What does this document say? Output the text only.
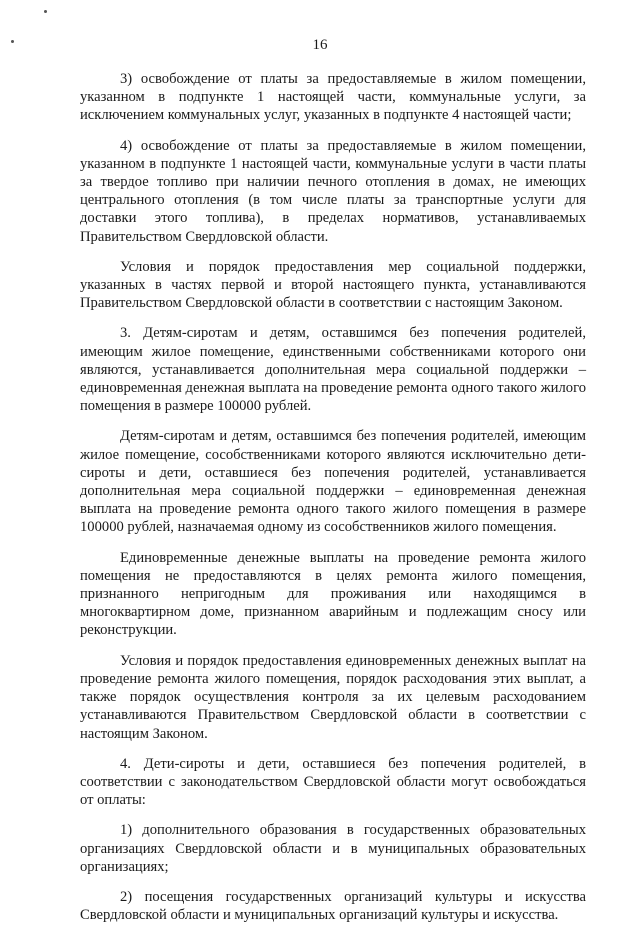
16

3) освобождение от платы за предоставляемые в жилом помещении, указанном в подпункте 1 настоящей части, коммунальные услуги, за исключением коммунальных услуг, указанных в подпункте 4 настоящей части;

4) освобождение от платы за предоставляемые в жилом помещении, указанном в подпункте 1 настоящей части, коммунальные услуги в части платы за твердое топливо при наличии печного отопления в домах, не имеющих центрального отопления (в том числе платы за транспортные услуги для доставки этого топлива), в пределах нормативов, устанавливаемых Правительством Свердловской области.

Условия и порядок предоставления мер социальной поддержки, указанных в частях первой и второй настоящего пункта, устанавливаются Правительством Свердловской области в соответствии с настоящим Законом.

3. Детям-сиротам и детям, оставшимся без попечения родителей, имеющим жилое помещение, единственными собственниками которого они являются, устанавливается дополнительная мера социальной поддержки – единовременная денежная выплата на проведение ремонта одного такого жилого помещения в размере 100000 рублей.

Детям-сиротам и детям, оставшимся без попечения родителей, имеющим жилое помещение, сособственниками которого являются исключительно дети-сироты и дети, оставшиеся без попечения родителей, устанавливается дополнительная мера социальной поддержки – единовременная денежная выплата на проведение ремонта одного такого жилого помещения в размере 100000 рублей, назначаемая одному из сособственников жилого помещения.

Единовременные денежные выплаты на проведение ремонта жилого помещения не предоставляются в целях ремонта жилого помещения, признанного непригодным для проживания или находящимся в многоквартирном доме, признанном аварийным и подлежащим сносу или реконструкции.

Условия и порядок предоставления единовременных денежных выплат на проведение ремонта жилого помещения, порядок расходования этих выплат, а также порядок осуществления контроля за их целевым расходованием устанавливаются Правительством Свердловской области в соответствии с настоящим Законом.

4. Дети-сироты и дети, оставшиеся без попечения родителей, в соответствии с законодательством Свердловской области могут освобождаться от оплаты:

1) дополнительного образования в государственных образовательных организациях Свердловской области и в муниципальных образовательных организациях;

2) посещения государственных организаций культуры и искусства Свердловской области и муниципальных организаций культуры и искусства.
